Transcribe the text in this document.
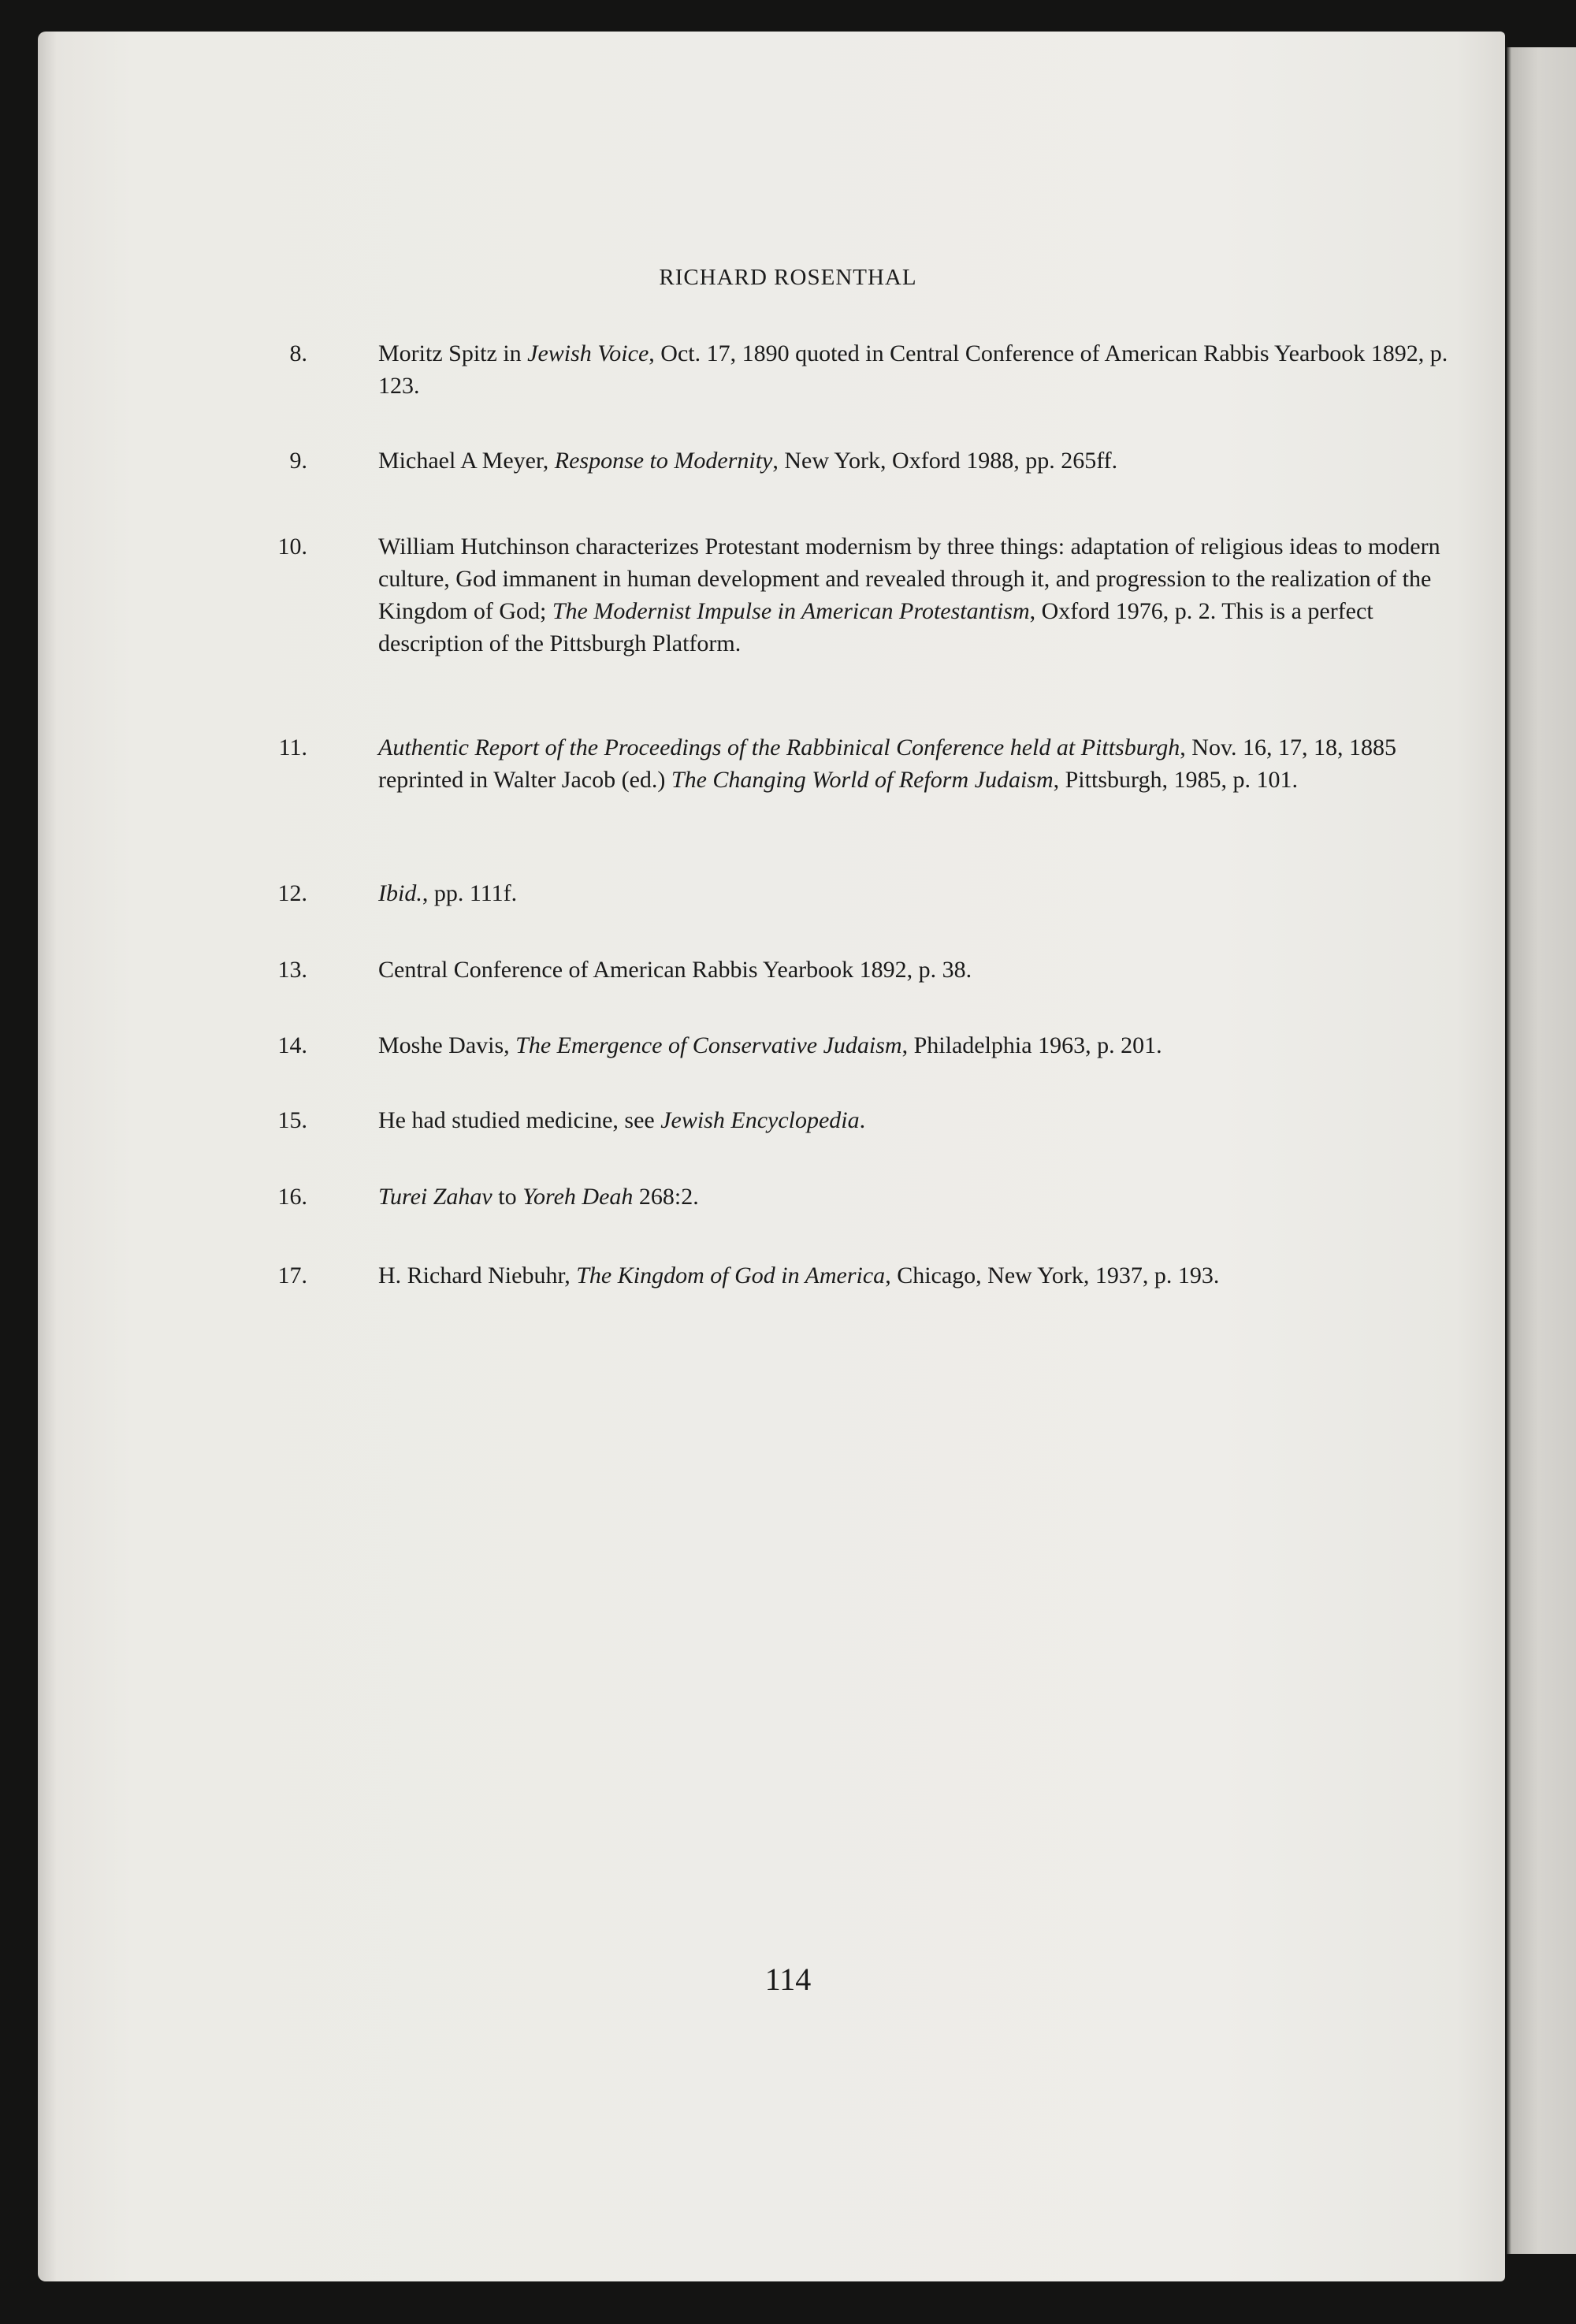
RICHARD ROSENTHAL
8.	Moritz Spitz in Jewish Voice, Oct. 17, 1890 quoted in Central Conference of American Rabbis Yearbook 1892, p. 123.
9.	Michael A Meyer, Response to Modernity, New York, Oxford 1988, pp. 265ff.
10.	William Hutchinson characterizes Protestant modernism by three things: adaptation of religious ideas to modern culture, God immanent in human development and revealed through it, and progression to the realization of the Kingdom of God; The Modernist Impulse in American Protestantism, Oxford 1976, p. 2. This is a perfect description of the Pittsburgh Platform.
11.	Authentic Report of the Proceedings of the Rabbinical Conference held at Pittsburgh, Nov. 16, 17, 18, 1885 reprinted in Walter Jacob (ed.) The Changing World of Reform Judaism, Pittsburgh, 1985, p. 101.
12.	Ibid., pp. 111f.
13.	Central Conference of American Rabbis Yearbook 1892, p. 38.
14.	Moshe Davis, The Emergence of Conservative Judaism, Philadelphia 1963, p. 201.
15.	He had studied medicine, see Jewish Encyclopedia.
16.	Turei Zahav to Yoreh Deah 268:2.
17.	H. Richard Niebuhr, The Kingdom of God in America, Chicago, New York, 1937, p. 193.
114
